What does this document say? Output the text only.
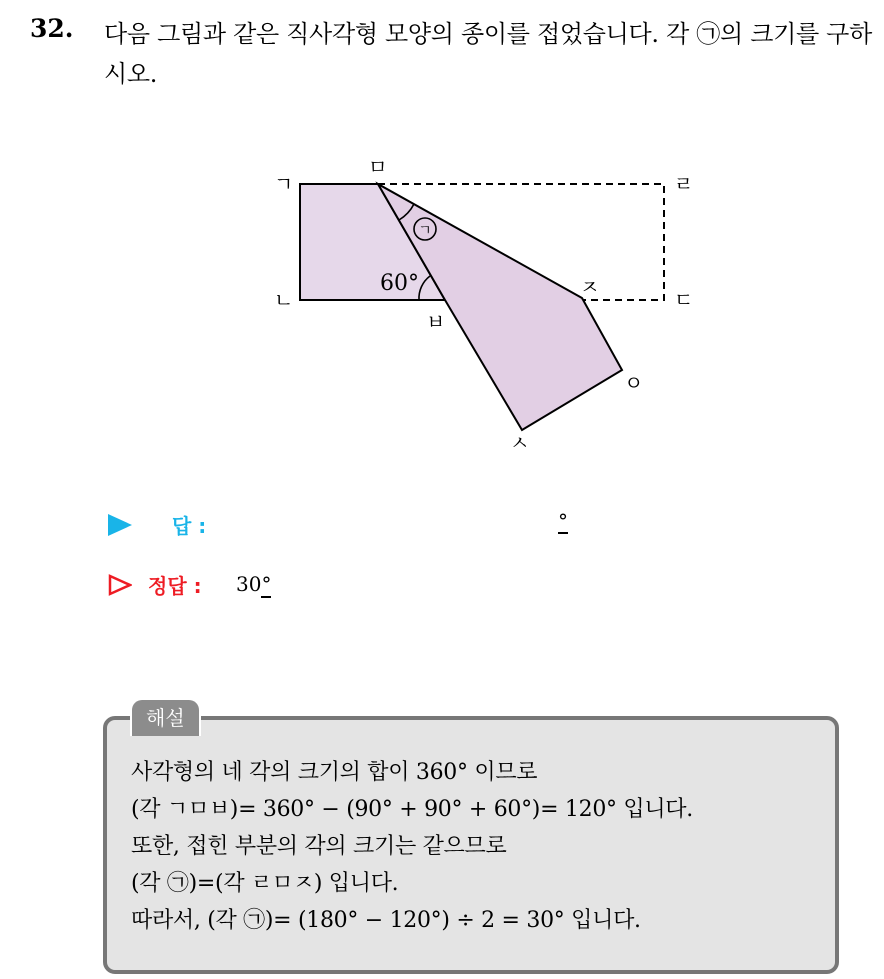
32. 다음 그림과 같은 직사각형 모양의 종이를 접었습니다. 각 ㉠의 크기를 구하시오.
ㄱ
60°
ㄱ
ㄴ
ㅁ
ㄹ
ㄷ
ㅈ
ㅂ
ㅇ
ㅅ
답 :	°
정답 : 30°
해설
사각형의 네 각의 크기의 합이 360° 이므로
(각 ㄱㅁㅂ)= 360° − (90° + 90° + 60°)= 120° 입니다.
또한, 접힌 부분의 각의 크기는 같으므로
(각 ㉠)=(각 ㄹㅁㅈ) 입니다.
따라서, (각 ㉠)= (180° − 120°) ÷ 2 = 30° 입니다.
